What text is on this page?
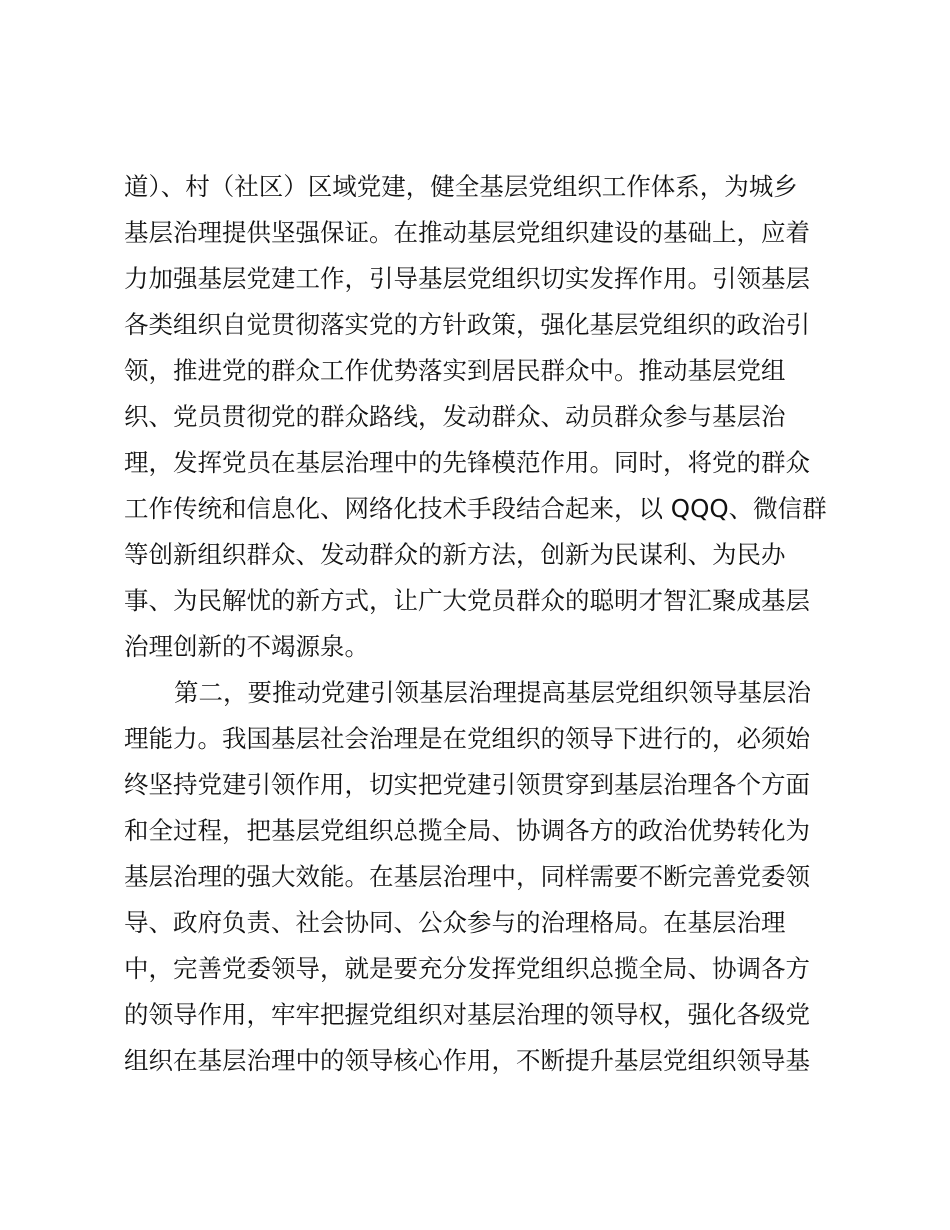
道）、村（社区）区域党建，健全基层党组织工作体系，为城乡
基层治理提供坚强保证。在推动基层党组织建设的基础上，应着
力加强基层党建工作，引导基层党组织切实发挥作用。引领基层
各类组织自觉贯彻落实党的方针政策，强化基层党组织的政治引
领，推进党的群众工作优势落实到居民群众中。推动基层党组
织、党员贯彻党的群众路线，发动群众、动员群众参与基层治
理，发挥党员在基层治理中的先锋模范作用。同时，将党的群众
工作传统和信息化、网络化技术手段结合起来，以 QQQ、微信群
等创新组织群众、发动群众的新方法，创新为民谋利、为民办
事、为民解忧的新方式，让广大党员群众的聪明才智汇聚成基层
治理创新的不竭源泉。
第二，要推动党建引领基层治理提高基层党组织领导基层治
理能力。我国基层社会治理是在党组织的领导下进行的，必须始
终坚持党建引领作用，切实把党建引领贯穿到基层治理各个方面
和全过程，把基层党组织总揽全局、协调各方的政治优势转化为
基层治理的强大效能。在基层治理中，同样需要不断完善党委领
导、政府负责、社会协同、公众参与的治理格局。在基层治理
中，完善党委领导，就是要充分发挥党组织总揽全局、协调各方
的领导作用，牢牢把握党组织对基层治理的领导权，强化各级党
组织在基层治理中的领导核心作用，不断提升基层党组织领导基
